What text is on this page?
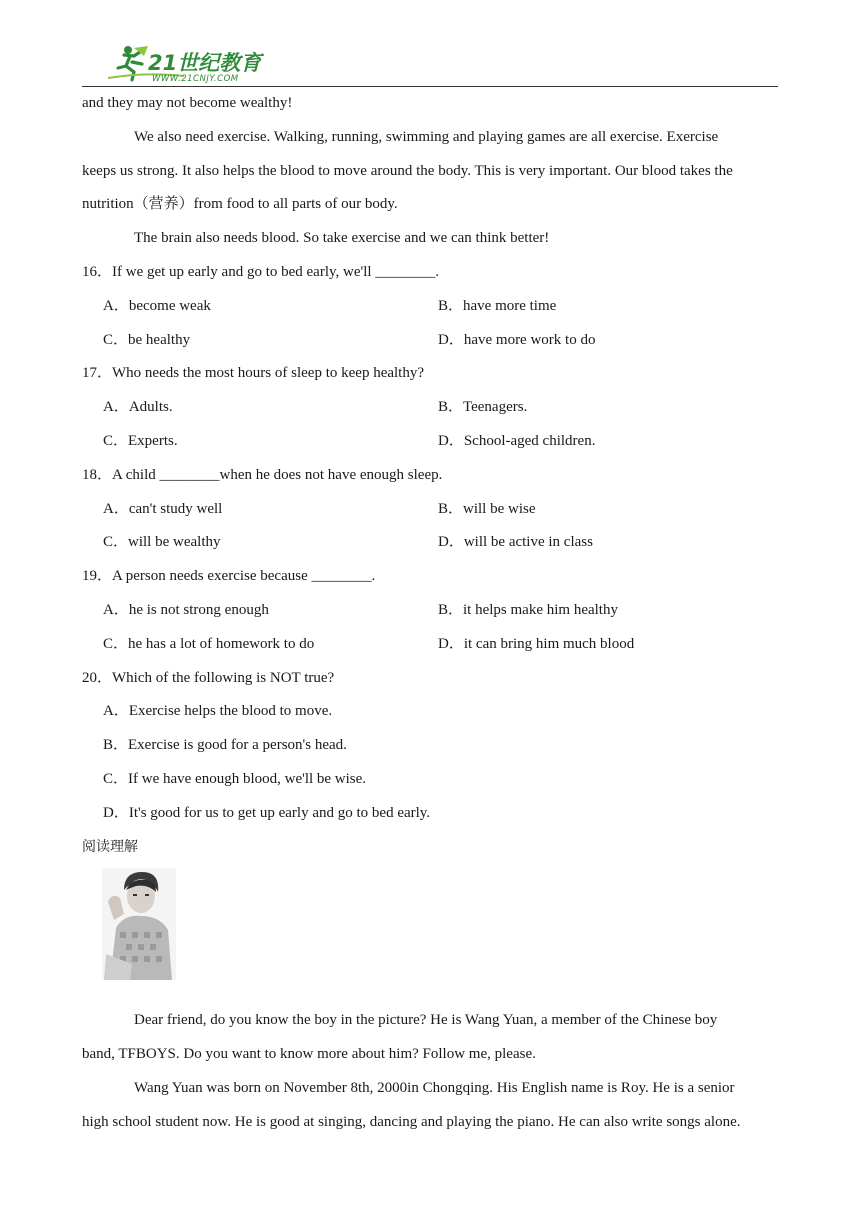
21世纪教育
WWW.21CNJY.COM
and they may not become wealthy!
We also need exercise. Walking, running, swimming and playing games are all exercise. Exercise
keeps us strong. It also helps the blood to move around the body. This is very important. Our blood takes the
nutrition（营养）from food to all parts of our body.
The brain also needs blood. So take exercise and we can think better!
16．If we get up early and go to bed early, we'll ________.
A．become weak	B．have more time
C．be healthy	D．have more work to do
17．Who needs the most hours of sleep to keep healthy?
A．Adults.	B．Teenagers.
C．Experts.	D．School-aged children.
18．A child ________when he does not have enough sleep.
A．can't study well	B．will be wise
C．will be wealthy	D．will be active in class
19．A person needs exercise because ________.
A．he is not strong enough	B．it helps make him healthy
C．he has a lot of homework to do	D．it can bring him much blood
20．Which of the following is NOT true?
A．Exercise helps the blood to move.
B．Exercise is good for a person's head.
C．If we have enough blood, we'll be wise.
D．It's good for us to get up early and go to bed early.
阅读理解
Dear friend, do you know the boy in the picture? He is Wang Yuan, a member of the Chinese boy
band, TFBOYS. Do you want to know more about him? Follow me, please.
Wang Yuan was born on November 8th, 2000in Chongqing. His English name is Roy. He is a senior
high school student now. He is good at singing, dancing and playing the piano. He can also write songs alone.
